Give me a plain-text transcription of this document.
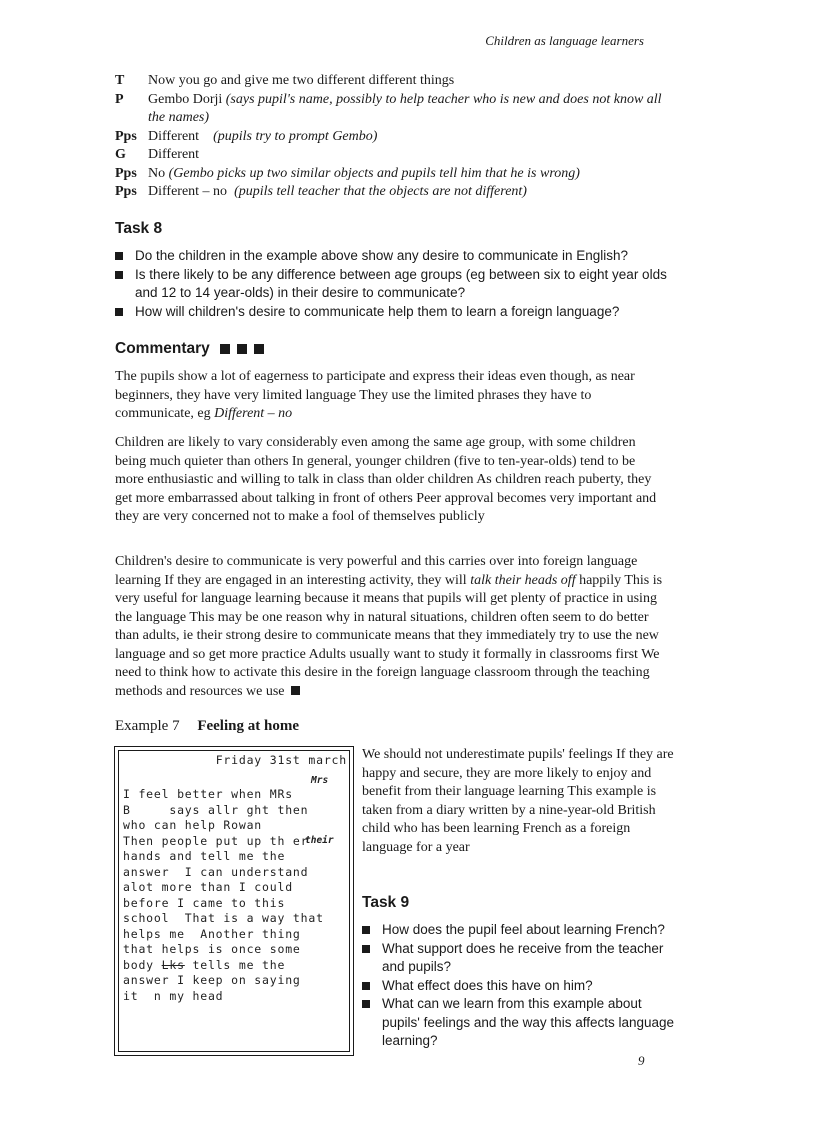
Children as language learners
T	Now you go and give me two different different things
P	Gembo Dorji (says pupil's name, possibly to help teacher who is new and does not know all the names)
Pps Different    (pupils try to prompt Gembo)
G	Different
Pps No (Gembo picks up two similar objects and pupils tell him that he is wrong)
Pps Different – no  (pupils tell teacher that the objects are not different)
Task 8
Do the children in the example above show any desire to communicate in English?
Is there likely to be any difference between age groups (eg between six to eight year olds and 12 to 14 year-olds) in their desire to communicate?
How will children's desire to communicate help them to learn a foreign language?
Commentary
The pupils show a lot of eagerness to participate and express their ideas even though, as near beginners, they have very limited language They use the limited phrases they have to communicate, eg Different – no
Children are likely to vary considerably even among the same age group, with some children being much quieter than others In general, younger children (five to ten-year-olds) tend to be more enthusiastic and willing to talk in class than older children As children reach puberty, they get more embarrassed about talking in front of others Peer approval becomes very important and they are very concerned not to make a fool of themselves publicly
Children's desire to communicate is very powerful and this carries over into foreign language learning If they are engaged in an interesting activity, they will talk their heads off happily This is very useful for language learning because it means that pupils will get plenty of practice in using the language This may be one reason why in natural situations, children often seem to do better than adults, ie their strong desire to communicate means that they immediately try to use the new language and so get more practice Adults usually want to study it formally in classrooms first We need to think how to activate this desire in the foreign language classroom through the teaching methods and resources we use
Example 7 Feeling at home
Friday 31st march
Mrs
their
I feel better when MRs
B     says allr ght then
who can help Rowan
Then people put up th er
hands and tell me the
answer  I can understand
alot more than I could
before I came to this
school  That is a way that
helps me  Another thing
that helps is once some
body Lks tells me the
answer I keep on saying
it  n my head
We should not underestimate pupils' feelings If they are happy and secure, they are more likely to enjoy and benefit from their language learning This example is taken from a diary written by a nine-year-old British child who has been learning French as a foreign language for a year
Task 9
How does the pupil feel about learning French?
What support does he receive from the teacher and pupils?
What effect does this have on him?
What can we learn from this example about pupils' feelings and the way this affects language learning?
9
